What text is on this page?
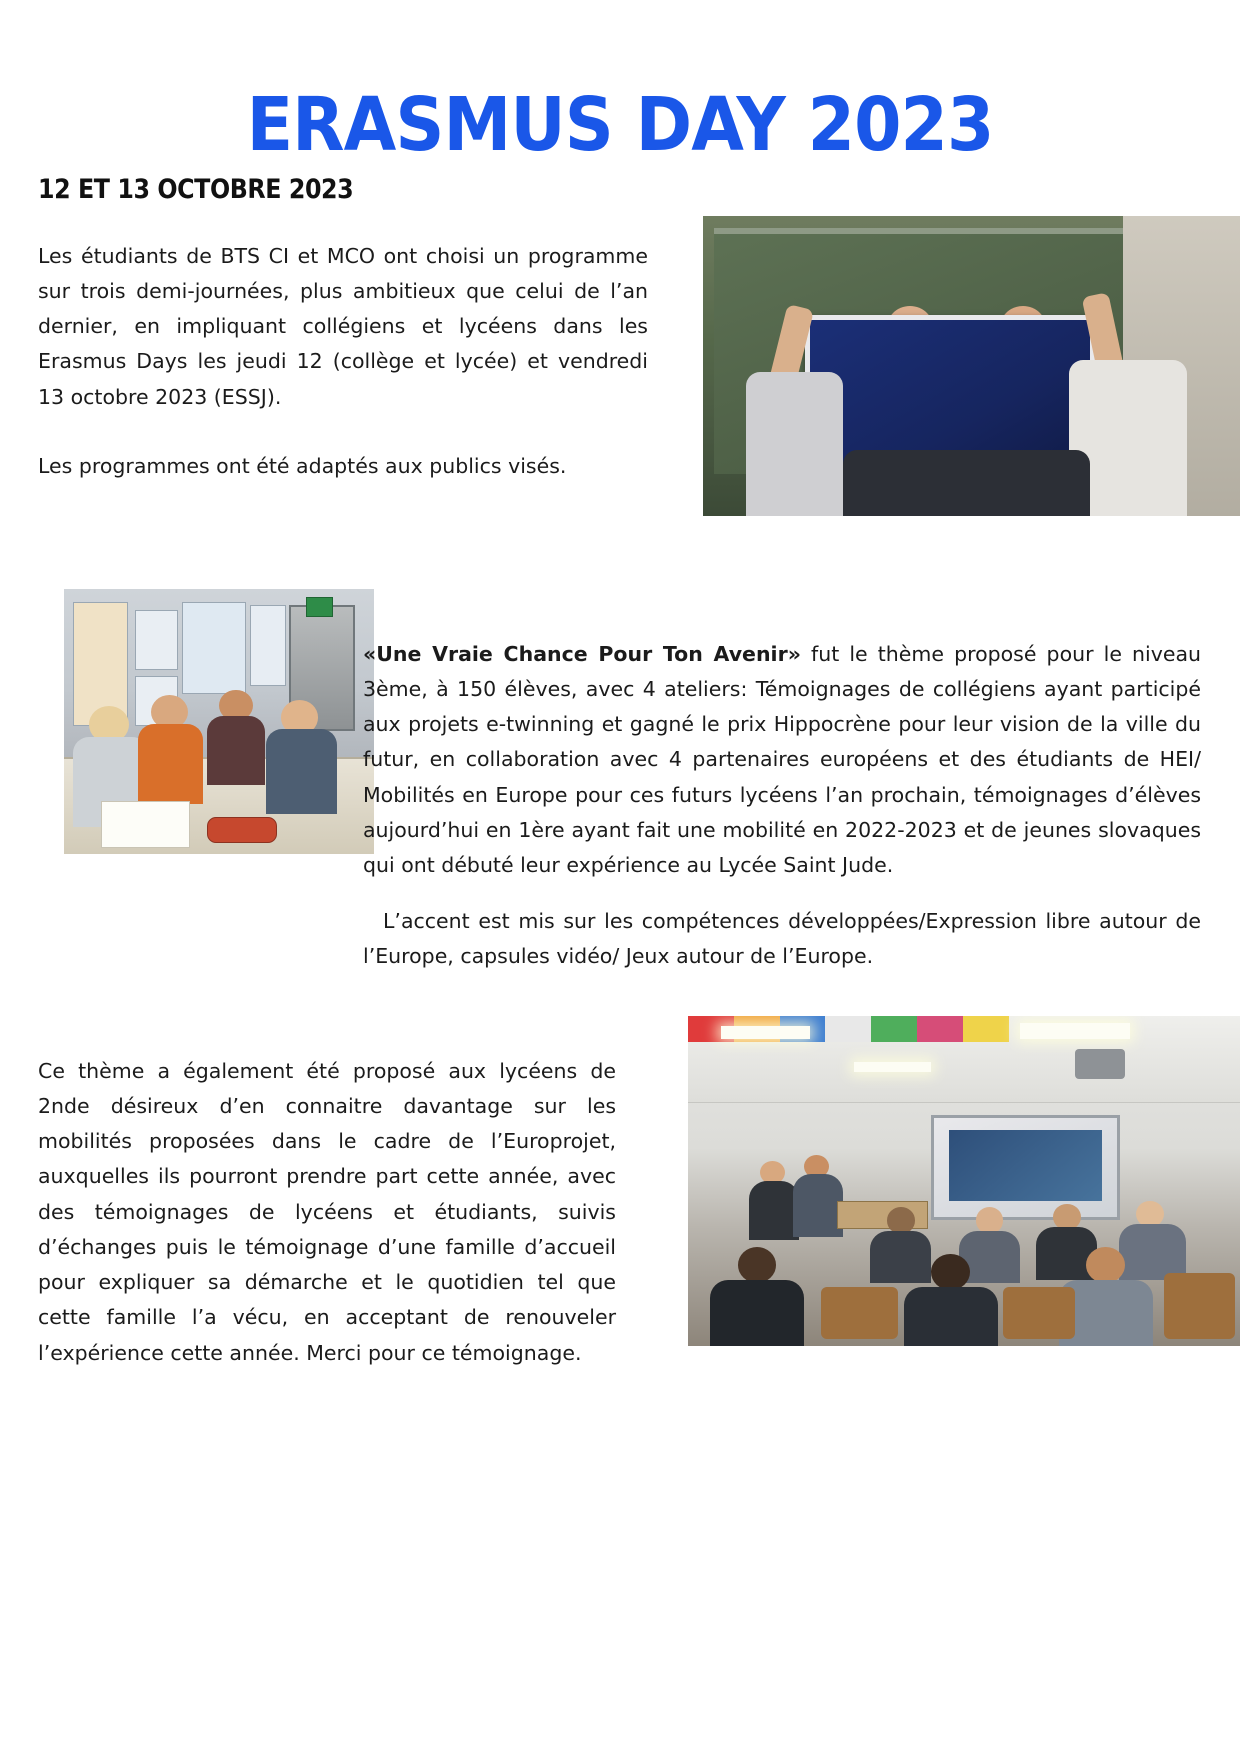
ERASMUS DAY 2023
12 ET 13 OCTOBRE 2023

Les étudiants de BTS CI et MCO ont choisi un programme sur trois demi-journées, plus ambitieux que celui de l’an dernier, en impliquant collégiens et lycéens dans les Erasmus Days les jeudi 12 (collège et lycée) et vendredi 13 octobre 2023 (ESSJ).

Les programmes ont été adaptés aux publics visés.

#ERASMUS+DAYS

«Une Vraie Chance Pour Ton Avenir» fut le thème proposé pour le niveau 3ème, à 150 élèves, avec 4 ateliers: Témoignages de collégiens ayant participé aux projets e-twinning et gagné le prix Hippocrène pour leur vision de la ville du futur, en collaboration avec 4 partenaires européens et des étudiants de HEI/ Mobilités en Europe pour ces futurs lycéens l’an prochain, témoignages d’élèves aujourd’hui en 1ère ayant fait une mobilité en 2022-2023 et de jeunes slovaques qui ont débuté leur expérience au Lycée Saint Jude.

L’accent est mis sur les compétences développées/Expression libre autour de l’Europe, capsules vidéo/ Jeux autour de l’Europe.

Ce thème a également été proposé aux lycéens de 2nde désireux d’en connaitre davantage sur les mobilités proposées dans le cadre de l’Europrojet, auxquelles ils pourront prendre part cette année, avec des témoignages de lycéens et étudiants, suivis d’échanges puis le témoignage d’une famille d’accueil pour expliquer sa démarche et le quotidien tel que cette famille l’a vécu, en acceptant de renouveler l’expérience cette année. Merci pour ce témoignage.
